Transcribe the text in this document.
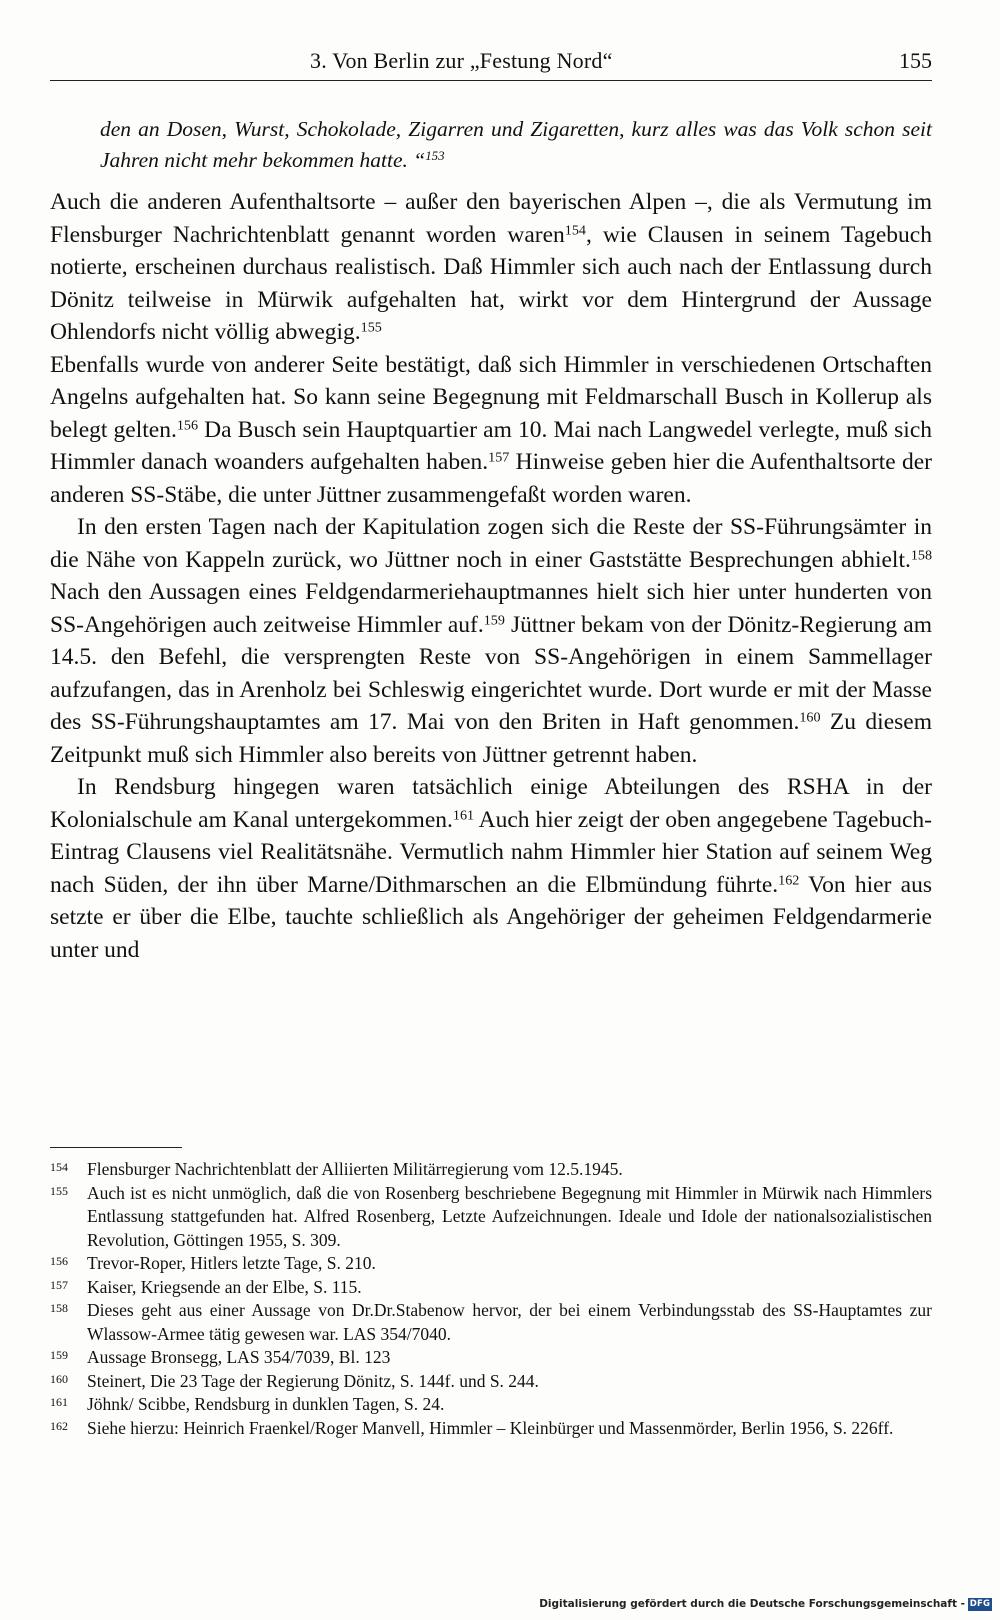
3. Von Berlin zur „Festung Nord“	155
den an Dosen, Wurst, Schokolade, Zigarren und Zigaretten, kurz alles was das Volk schon seit Jahren nicht mehr bekommen hatte. “$^{153}$

Auch die anderen Aufenthaltsorte – außer den bayerischen Alpen –, die als Vermutung im Flensburger Nachrichtenblatt genannt worden waren$^{154}$, wie Clausen in seinem Tagebuch notierte, erscheinen durchaus realistisch. Daß Himmler sich auch nach der Entlassung durch Dönitz teilweise in Mürwik aufgehalten hat, wirkt vor dem Hintergrund der Aussage Ohlendorfs nicht völlig abwegig.$^{155}$

Ebenfalls wurde von anderer Seite bestätigt, daß sich Himmler in verschiedenen Ortschaften Angelns aufgehalten hat. So kann seine Begegnung mit Feldmarschall Busch in Kollerup als belegt gelten.$^{156}$ Da Busch sein Hauptquartier am 10. Mai nach Langwedel verlegte, muß sich Himmler danach woanders aufgehalten haben.$^{157}$ Hinweise geben hier die Aufenthaltsorte der anderen SS-Stäbe, die unter Jüttner zusammengefaßt worden waren.

In den ersten Tagen nach der Kapitulation zogen sich die Reste der SS-Führungsämter in die Nähe von Kappeln zurück, wo Jüttner noch in einer Gaststätte Besprechungen abhielt.$^{158}$ Nach den Aussagen eines Feldgendarmeriehauptmannes hielt sich hier unter hunderten von SS-Angehörigen auch zeitweise Himmler auf.$^{159}$ Jüttner bekam von der Dönitz-Regierung am 14.5. den Befehl, die versprengten Reste von SS-Angehörigen in einem Sammellager aufzufangen, das in Arenholz bei Schleswig eingerichtet wurde. Dort wurde er mit der Masse des SS-Führungshauptamtes am 17. Mai von den Briten in Haft genommen.$^{160}$ Zu diesem Zeitpunkt muß sich Himmler also bereits von Jüttner getrennt haben.

In Rendsburg hingegen waren tatsächlich einige Abteilungen des RSHA in der Kolonialschule am Kanal untergekommen.$^{161}$ Auch hier zeigt der oben angegebene Tagebuch-Eintrag Clausens viel Realitätsnähe. Vermutlich nahm Himmler hier Station auf seinem Weg nach Süden, der ihn über Marne/Dithmarschen an die Elbmündung führte.$^{162}$ Von hier aus setzte er über die Elbe, tauchte schließlich als Angehöriger der geheimen Feldgendarmerie unter und

154	Flensburger Nachrichtenblatt der Alliierten Militärregierung vom 12.5.1945.

155	Auch ist es nicht unmöglich, daß die von Rosenberg beschriebene Begegnung mit Himmler in Mürwik nach Himmlers Entlassung stattgefunden hat. Alfred Rosenberg, Letzte Aufzeichnungen. Ideale und Idole der nationalsozialistischen Revolution, Göttingen 1955, S. 309.

156	Trevor-Roper, Hitlers letzte Tage, S. 210.

157	Kaiser, Kriegsende an der Elbe, S. 115.

158	Dieses geht aus einer Aussage von Dr.Dr.Stabenow hervor, der bei einem Verbindungsstab des SS-Hauptamtes zur Wlassow-Armee tätig gewesen war. LAS 354/7040.

159	Aussage Bronsegg, LAS 354/7039, Bl. 123

160	Steinert, Die 23 Tage der Regierung Dönitz, S. 144f. und S. 244.

161	Jöhnk/ Scibbe, Rendsburg in dunklen Tagen, S. 24.

162	Siehe hierzu: Heinrich Fraenkel/Roger Manvell, Himmler – Kleinbürger und Massenmörder, Berlin 1956, S. 226ff.

Digitalisierung gefördert durch die Deutsche Forschungsgemeinschaft - DFG
